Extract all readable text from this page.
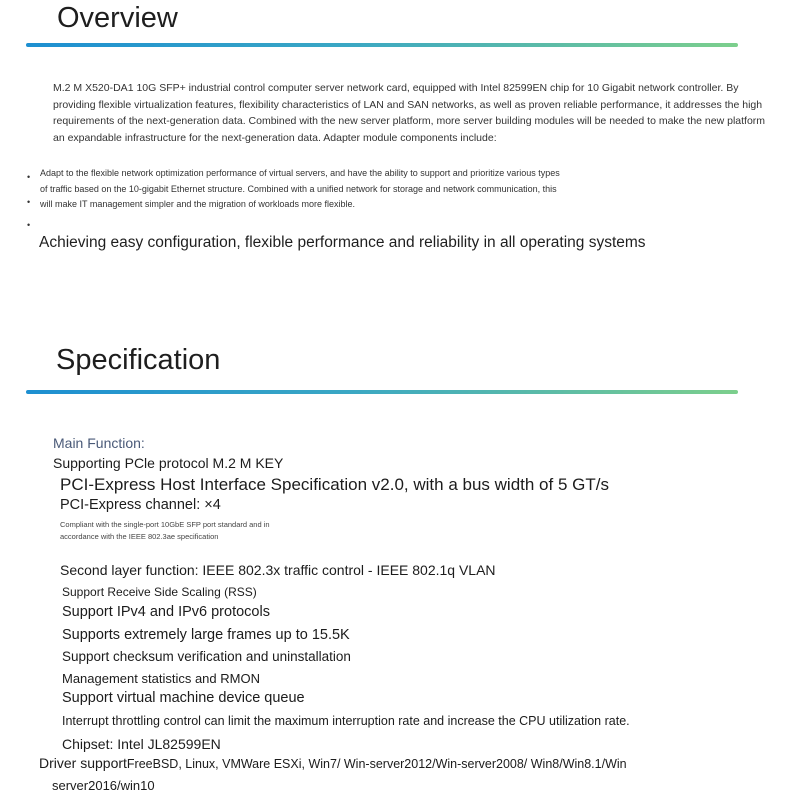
Overview
M.2 M X520-DA1 10G SFP+ industrial control computer server network card, equipped with Intel 82599EN chip for 10 Gigabit network controller. By providing flexible virtualization features, flexibility characteristics of LAN and SAN networks, as well as proven reliable performance, it addresses the high requirements of the next-generation data. Combined with the new server platform, more server building modules will be needed to make the new platform an expandable infrastructure for the next-generation data. Adapter module components include:
•
•
•
Adapt to the flexible network optimization performance of virtual servers, and have the ability to support and prioritize various types of traffic based on the 10-gigabit Ethernet structure. Combined with a unified network for storage and network communication, this will make IT management simpler and the migration of workloads more flexible.
Achieving easy configuration, flexible performance and reliability in all operating systems
Specification
Main Function:
Supporting PCle protocol M.2 M KEY
PCI-Express Host Interface Specification v2.0, with a bus width of 5 GT/s
PCI-Express channel: ×4
Compliant with the single-port 10GbE SFP port standard and in accordance with the IEEE 802.3ae specification
Second layer function: IEEE 802.3x traffic control - IEEE 802.1q VLAN
Support Receive Side Scaling (RSS)
Support IPv4 and IPv6 protocols
Supports extremely large frames up to 15.5K
Support checksum verification and uninstallation
Management statistics and RMON
Support virtual machine device queue
Interrupt throttling control can limit the maximum interruption rate and increase the CPU utilization rate.
Chipset: Intel JL82599EN
Driver supportFreeBSD, Linux, VMWare ESXi, Win7/ Win-server2012/Win-server2008/ Win8/Win8.1/Win
server2016/win10
